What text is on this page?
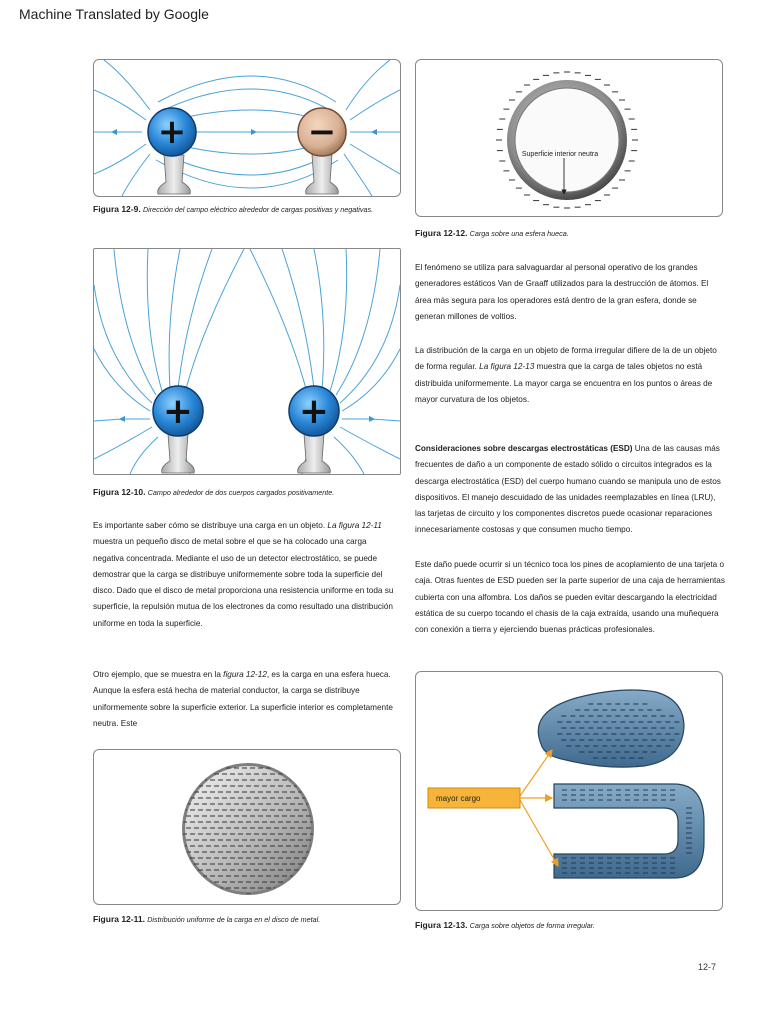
Machine Translated by Google
+	−
Figura 12-9. Dirección del campo eléctrico alrededor de cargas positivas y negativas.
+	+
Figura 12-10. Campo alrededor de dos cuerpos cargados positivamente.

Es importante saber cómo se distribuye una carga en un objeto. La figura 12-11 muestra un pequeño disco de metal sobre el que se ha colocado una carga negativa concentrada. Mediante el uso de un detector electrostático, se puede demostrar que la carga se distribuye uniformemente sobre toda la superficie del disco. Dado que el disco de metal proporciona una resistencia uniforme en toda su superficie, la repulsión mutua de los electrones da como resultado una distribución uniforme en toda la superficie.

Otro ejemplo, que se muestra en la figura 12-12, es la carga en una esfera hueca. Aunque la esfera está hecha de material conductor, la carga se distribuye uniformemente sobre la superficie exterior. La superficie interior es completamente neutra. Este

Figura 12-11. Distribución uniforme de la carga en el disco de metal.
Superficie interior neutra
Figura 12-12. Carga sobre una esfera hueca.

El fenómeno se utiliza para salvaguardar al personal operativo de los grandes generadores estáticos Van de Graaff utilizados para la destrucción de átomos. El área más segura para los operadores está dentro de la gran esfera, donde se generan millones de voltios.

La distribución de la carga en un objeto de forma irregular difiere de la de un objeto de forma regular. La figura 12-13 muestra que la carga de tales objetos no está distribuida uniformemente. La mayor carga se encuentra en los puntos o áreas de mayor curvatura de los objetos.

Consideraciones sobre descargas electrostáticas (ESD) Una de las causas más frecuentes de daño a un componente de estado sólido o circuitos integrados es la descarga electrostática (ESD) del cuerpo humano cuando se manipula uno de estos dispositivos. El manejo descuidado de las unidades reemplazables en línea (LRU), las tarjetas de circuito y los componentes discretos puede ocasionar reparaciones innecesariamente costosas y que consumen mucho tiempo.

Este daño puede ocurrir si un técnico toca los pines de acoplamiento de una tarjeta o caja. Otras fuentes de ESD pueden ser la parte superior de una caja de herramientas cubierta con una alfombra. Los daños se pueden evitar descargando la electricidad estática de su cuerpo tocando el chasis de la caja extraída, usando una muñequera con conexión a tierra y ejerciendo buenas prácticas profesionales.

mayor cargo
Figura 12-13. Carga sobre objetos de forma irregular.
12-7
